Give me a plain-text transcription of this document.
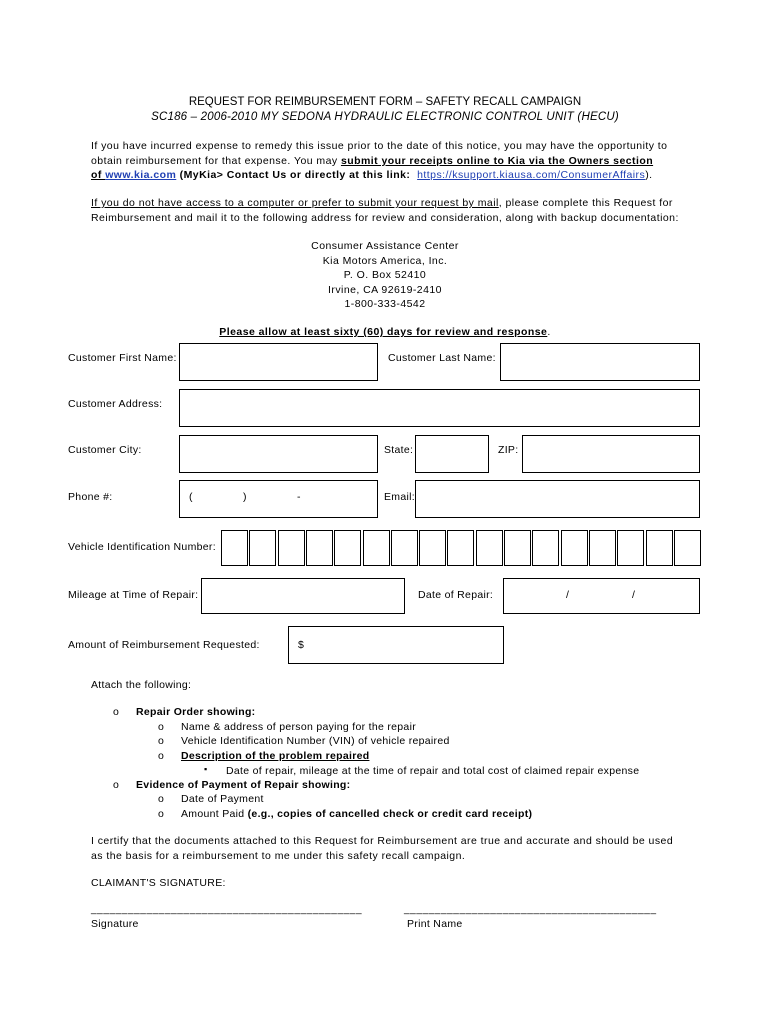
REQUEST FOR REIMBURSEMENT FORM – SAFETY RECALL CAMPAIGN
SC186 – 2006-2010 MY SEDONA HYDRAULIC ELECTRONIC CONTROL UNIT (HECU)
If you have incurred expense to remedy this issue prior to the date of this notice, you may have the opportunity to
obtain reimbursement for that expense. You may submit your receipts online to Kia via the Owners section
of www.kia.com (MyKia> Contact Us or directly at this link: https://ksupport.kiausa.com/ConsumerAffairs).
If you do not have access to a computer or prefer to submit your request by mail, please complete this Request for
Reimbursement and mail it to the following address for review and consideration, along with backup documentation:
Consumer Assistance Center
Kia Motors America, Inc.
P. O. Box 52410
Irvine, CA 92619-2410
1-800-333-4542
Please allow at least sixty (60) days for review and response.
Customer First Name:	Customer Last Name:
Customer Address:
Customer City:	State:	ZIP:
Phone #:	(	)	-	Email:
Vehicle Identification Number:
Mileage at Time of Repair:	Date of Repair:	/	/
Amount of Reimbursement Requested:	$
Attach the following:
o Repair Order showing:
o Name & address of person paying for the repair
o Vehicle Identification Number (VIN) of vehicle repaired
o Description of the problem repaired
▪ Date of repair, mileage at the time of repair and total cost of claimed repair expense
o Evidence of Payment of Repair showing:
o Date of Payment
o Amount Paid (e.g., copies of cancelled check or credit card receipt)
I certify that the documents attached to this Request for Reimbursement are true and accurate and should be used
as the basis for a reimbursement to me under this safety recall campaign.
CLAIMANT'S SIGNATURE:
____________________________________________	_________________________________________
Signature	Print Name
